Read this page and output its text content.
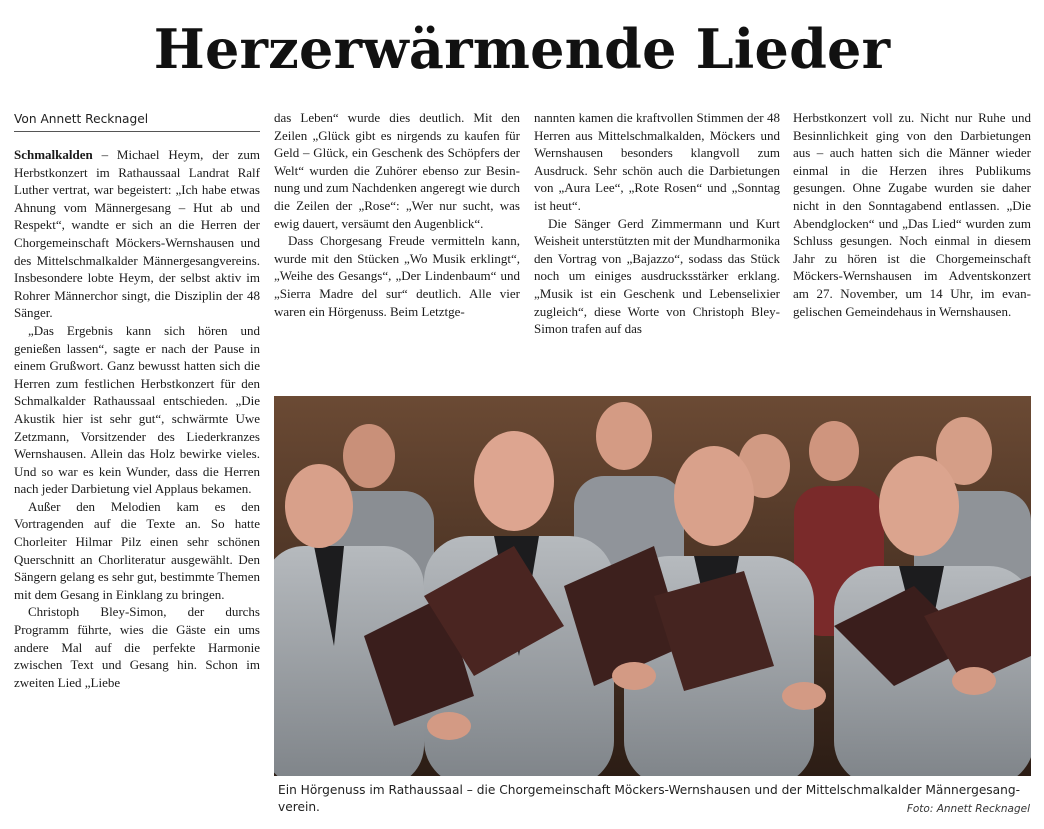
Herzerwärmende Lieder
Von Annett Recknagel

Schmalkalden – Michael Heym, der zum Herbstkonzert im Rathaussaal Landrat Ralf Luther vertrat, war begeistert: „Ich habe etwas Ahnung vom Männergesang – Hut ab und Respekt“, wandte er sich an die Herren der Chorgemeinschaft Möckers-Wernshausen und des Mittelschmalkalder Männergesangvereins. Insbesondere lobte Heym, der selbst aktiv im Rohrer Männerchor singt, die Disziplin der 48 Sänger.

„Das Ergebnis kann sich hören und genießen lassen“, sagte er nach der Pause in einem Grußwort. Ganz bewusst hatten sich die Herren zum festlichen Herbstkonzert für den Schmalkalder Rathaussaal entschieden. „Die Akustik hier ist sehr gut“, schwärmte Uwe Zetzmann, Vorsitzender des Liederkranzes Wernshausen. Allein das Holz bewirke vieles. Und so war es kein Wunder, dass die Herren nach jeder Darbietung viel Applaus bekamen.

Außer den Melodien kam es den Vortragenden auf die Texte an. So hatte Chorleiter Hilmar Pilz einen sehr schönen Querschnitt an Chorliteratur ausgewählt. Den Sängern gelang es sehr gut, bestimmte Themen mit dem Gesang in Einklang zu bringen.

Christoph Bley-Simon, der durchs Programm führte, wies die Gäste ein ums andere Mal auf die perfekte Harmonie zwischen Text und Gesang hin. Schon im zweiten Lied „Liebe

das Leben“ wurde dies deutlich. Mit den Zeilen „Glück gibt es nirgends zu kaufen für Geld – Glück, ein Geschenk des Schöpfers der Welt“ wurden die Zuhörer ebenso zur Besinnung und zum Nachdenken angeregt wie durch die Zeilen der „Rose“: „Wer nur sucht, was ewig dauert, versäumt den Augenblick“.

Dass Chorgesang Freude vermitteln kann, wurde mit den Stücken „Wo Musik erklingt“, „Weihe des Gesangs“, „Der Lindenbaum“ und „Sierra Madre del sur“ deutlich. Alle vier waren ein Hörgenuss. Beim Letztge-

nannten kamen die kraftvollen Stimmen der 48 Herren aus Mittelschmalkalden, Möckers und Wernshausen besonders klangvoll zum Ausdruck. Sehr schön auch die Darbietungen von „Aura Lee“, „Rote Rosen“ und „Sonntag ist heut“.

Die Sänger Gerd Zimmermann und Kurt Weisheit unterstützten mit der Mundharmonika den Vortrag von „Bajazzo“, sodass das Stück noch um einiges ausdrucksstärker erklang. „Musik ist ein Geschenk und Lebenselixier zugleich“, diese Worte von Christoph Bley-Simon trafen auf das

Herbstkonzert voll zu. Nicht nur Ruhe und Besinnlichkeit ging von den Darbietungen aus – auch hatten sich die Männer wieder einmal in die Herzen ihres Publikums gesungen. Ohne Zugabe wurden sie daher nicht in den Sonntagabend entlassen. „Die Abendglocken“ und „Das Lied“ wurden zum Schluss gesungen. Noch einmal in diesem Jahr zu hören ist die Chorgemeinschaft Möckers-Wernshausen im Adventskonzert am 27. November, um 14 Uhr, im evangelischen Gemeindehaus in Wernshausen.

Ein Hörgenuss im Rathaussaal – die Chorgemeinschaft Möckers-Wernshausen und der Mittelschmalkalder Männergesangverein.	Foto: Annett Recknagel
